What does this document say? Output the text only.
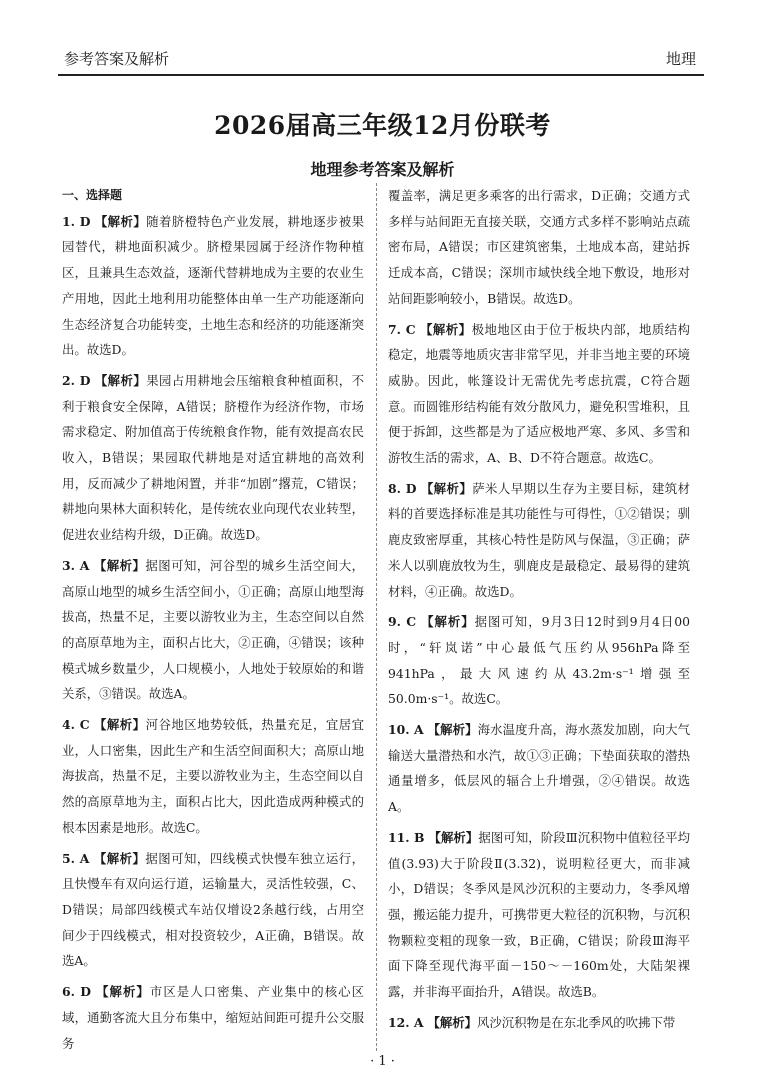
参考答案及解析	地理
2026届高三年级12月份联考
地理参考答案及解析
一、选择题
1. D 【解析】随着脐橙特色产业发展，耕地逐步被果园替代，耕地面积减少。脐橙果园属于经济作物种植区，且兼具生态效益，逐渐代替耕地成为主要的农业生产用地，因此土地利用功能整体由单一生产功能逐渐向生态经济复合功能转变，土地生态和经济的功能逐渐突出。故选D。
2. D 【解析】果园占用耕地会压缩粮食种植面积，不利于粮食安全保障，A错误；脐橙作为经济作物，市场需求稳定、附加值高于传统粮食作物，能有效提高农民收入，B错误；果园取代耕地是对适宜耕地的高效利用，反而减少了耕地闲置，并非“加剧”撂荒，C错误；耕地向果林大面积转化，是传统农业向现代农业转型，促进农业结构升级，D正确。故选D。
3. A 【解析】据图可知，河谷型的城乡生活空间大，高原山地型的城乡生活空间小，①正确；高原山地型海拔高，热量不足，主要以游牧业为主，生态空间以自然的高原草地为主，面积占比大，②正确，④错误；该种模式城乡数量少，人口规模小，人地处于较原始的和谐关系，③错误。故选A。
4. C 【解析】河谷地区地势较低，热量充足，宜居宜业，人口密集，因此生产和生活空间面积大；高原山地海拔高，热量不足，主要以游牧业为主，生态空间以自然的高原草地为主，面积占比大，因此造成两种模式的根本因素是地形。故选C。
5. A 【解析】据图可知，四线模式快慢车独立运行，且快慢车有双向运行道，运输量大，灵活性较强，C、D错误；局部四线模式车站仅增设2条越行线，占用空间少于四线模式，相对投资较少，A正确，B错误。故选A。
6. D 【解析】市区是人口密集、产业集中的核心区域，通勤客流大且分布集中，缩短站间距可提升公交服务
覆盖率，满足更多乘客的出行需求，D正确；交通方式多样与站间距无直接关联，交通方式多样不影响站点疏密布局，A错误；市区建筑密集，土地成本高，建站拆迁成本高，C错误；深圳市域快线全地下敷设，地形对站间距影响较小，B错误。故选D。
7. C 【解析】极地地区由于位于板块内部，地质结构稳定，地震等地质灾害非常罕见，并非当地主要的环境威胁。因此，帐篷设计无需优先考虑抗震，C符合题意。而圆锥形结构能有效分散风力，避免积雪堆积，且便于拆卸，这些都是为了适应极地严寒、多风、多雪和游牧生活的需求，A、B、D不符合题意。故选C。
8. D 【解析】萨米人早期以生存为主要目标，建筑材料的首要选择标准是其功能性与可得性，①②错误；驯鹿皮致密厚重，其核心特性是防风与保温，③正确；萨米人以驯鹿放牧为生，驯鹿皮是最稳定、最易得的建筑材料，④正确。故选D。
9. C 【解析】据图可知，9月3日12时到9月4日00时，“轩岚诺”中心最低气压约从956hPa降至941hPa，最大风速约从43.2m·s⁻¹增强至50.0m·s⁻¹。故选C。
10. A 【解析】海水温度升高，海水蒸发加剧，向大气输送大量潜热和水汽，故①③正确；下垫面获取的潜热通量增多，低层风的辐合上升增强，②④错误。故选A。
11. B 【解析】据图可知，阶段Ⅲ沉积物中值粒径平均值(3.93)大于阶段Ⅱ(3.32)，说明粒径更大，而非减小，D错误；冬季风是风沙沉积的主要动力，冬季风增强，搬运能力提升，可携带更大粒径的沉积物，与沉积物颗粒变粗的现象一致，B正确，C错误；阶段Ⅲ海平面下降至现代海平面－150～－160m处，大陆架裸露，并非海平面抬升，A错误。故选B。
12. A 【解析】风沙沉积物是在东北季风的吹拂下带
· 1 ·
